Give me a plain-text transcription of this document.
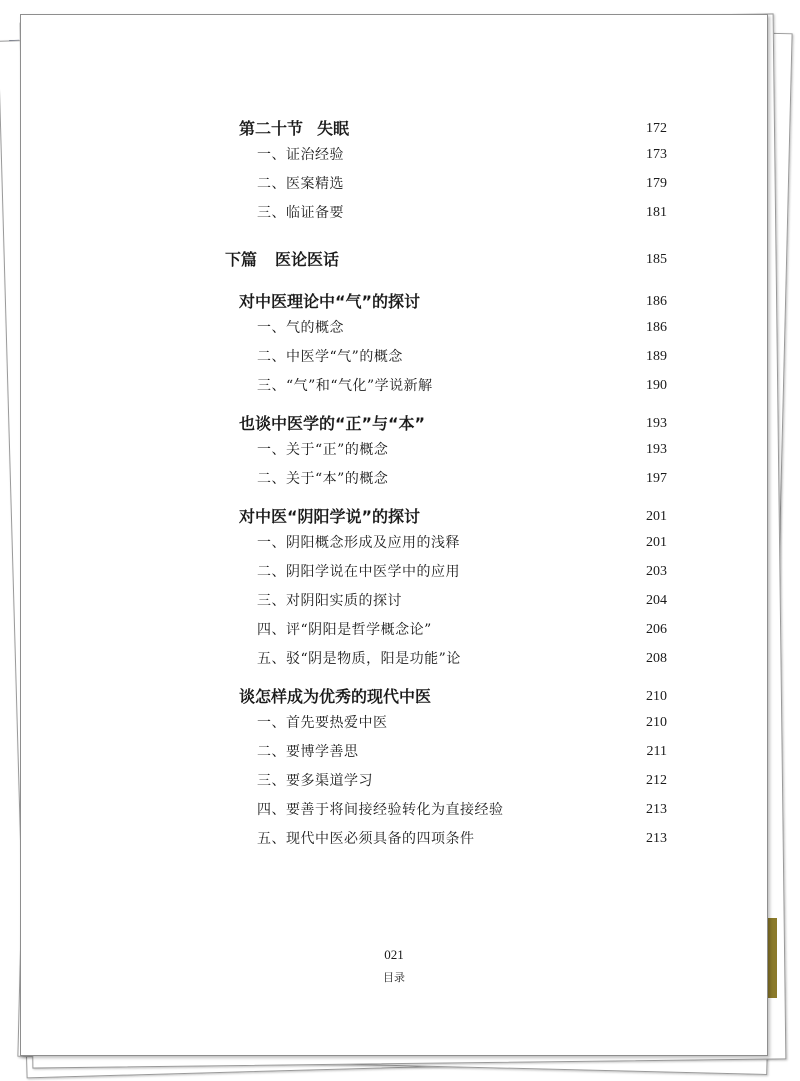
第二十节 失眠	172
一、证治经验	173
二、医案精选	179
三、临证备要	181
下篇 医论医话	185
对中医理论中“气”的探讨	186
一、气的概念	186
二、中医学“气”的概念	189
三、“气”和“气化”学说新解	190
也谈中医学的“正”与“本”	193
一、关于“正”的概念	193
二、关于“本”的概念	197
对中医“阴阳学说”的探讨	201
一、阴阳概念形成及应用的浅释	201
二、阴阳学说在中医学中的应用	203
三、对阴阳实质的探讨	204
四、评“阴阳是哲学概念论”	206
五、驳“阴是物质，阳是功能”论	208
谈怎样成为优秀的现代中医	210
一、首先要热爱中医	210
二、要博学善思	211
三、要多渠道学习	212
四、要善于将间接经验转化为直接经验	213
五、现代中医必须具备的四项条件	213
021
目录
